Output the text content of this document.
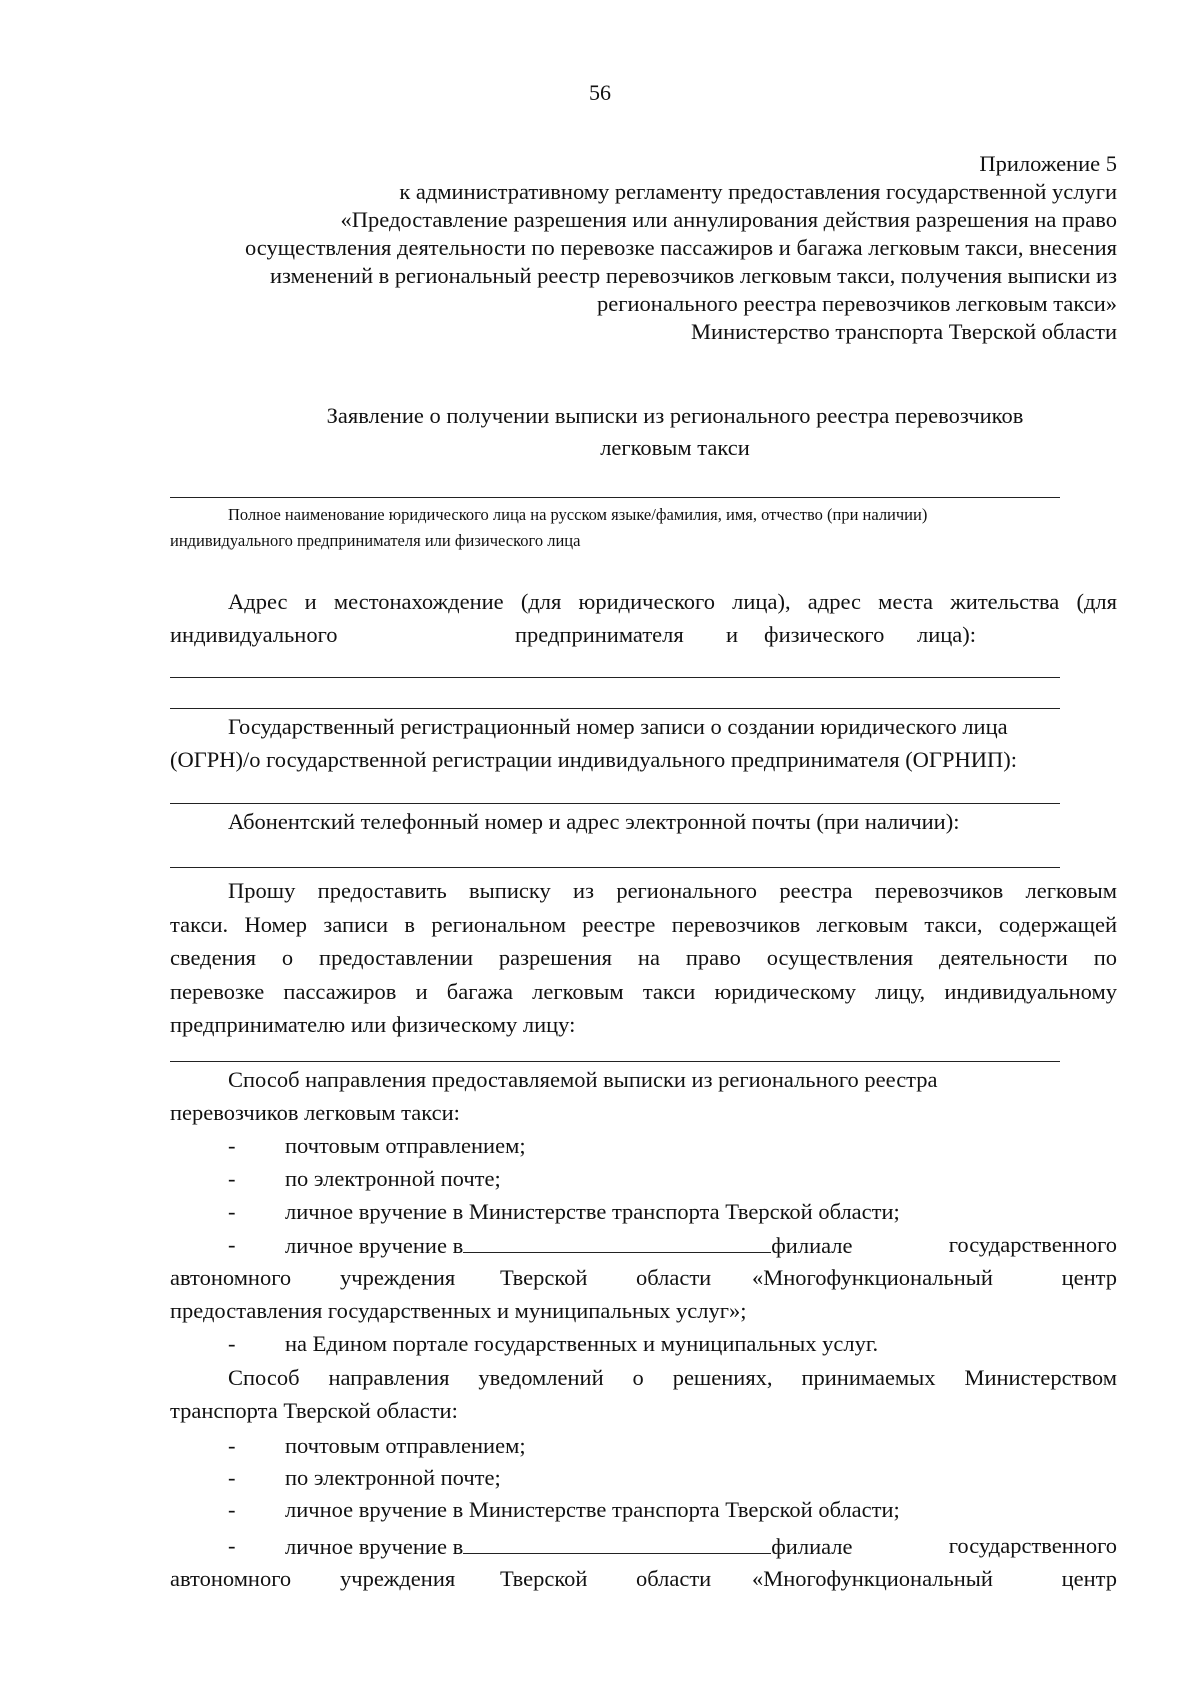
56
Приложение 5
к административному регламенту предоставления государственной услуги
«Предоставление разрешения или аннулирования действия разрешения на право
осуществления деятельности по перевозке пассажиров и багажа легковым такси, внесения
изменений в региональный реестр перевозчиков легковым такси, получения выписки из
регионального реестра перевозчиков легковым такси»
Министерство транспорта Тверской области
Заявление о получении выписки из регионального реестра перевозчиков
легковым такси
Полное наименование юридического лица на русском языке/фамилия, имя, отчество (при наличии)
индивидуального предпринимателя или физического лица
Адрес и местонахождение (для юридического лица), адрес места жительства (для
индивидуального	предпринимателя и физического лица):
Государственный регистрационный номер записи о создании юридического лица
(ОГРН)/о государственной регистрации индивидуального предпринимателя (ОГРНИП):
Абонентский телефонный номер и адрес электронной почты (при наличии):
Прошу предоставить выписку из регионального реестра перевозчиков легковым
такси. Номер записи в региональном реестре перевозчиков легковым такси, содержащей
сведения о предоставлении разрешения на право осуществления деятельности по
перевозке пассажиров и багажа легковым такси юридическому лицу, индивидуальному
предпринимателю или физическому лицу:
Способ направления предоставляемой выписки из регионального реестра
перевозчиков легковым такси:
- почтовым отправлением;
- по электронной почте;
- личное вручение в Министерстве транспорта Тверской области;
- личное вручение в	филиале	государственного
автономного учреждения Тверской области «Многофункциональный	центр
предоставления государственных и муниципальных услуг»;
- на Едином портале государственных и муниципальных услуг.
Способ направления уведомлений о решениях, принимаемых Министерством
транспорта Тверской области:
- почтовым отправлением;
- по электронной почте;
- личное вручение в Министерстве транспорта Тверской области;
- личное вручение в	филиале	государственного
автономного учреждения Тверской области «Многофункциональный	центр
